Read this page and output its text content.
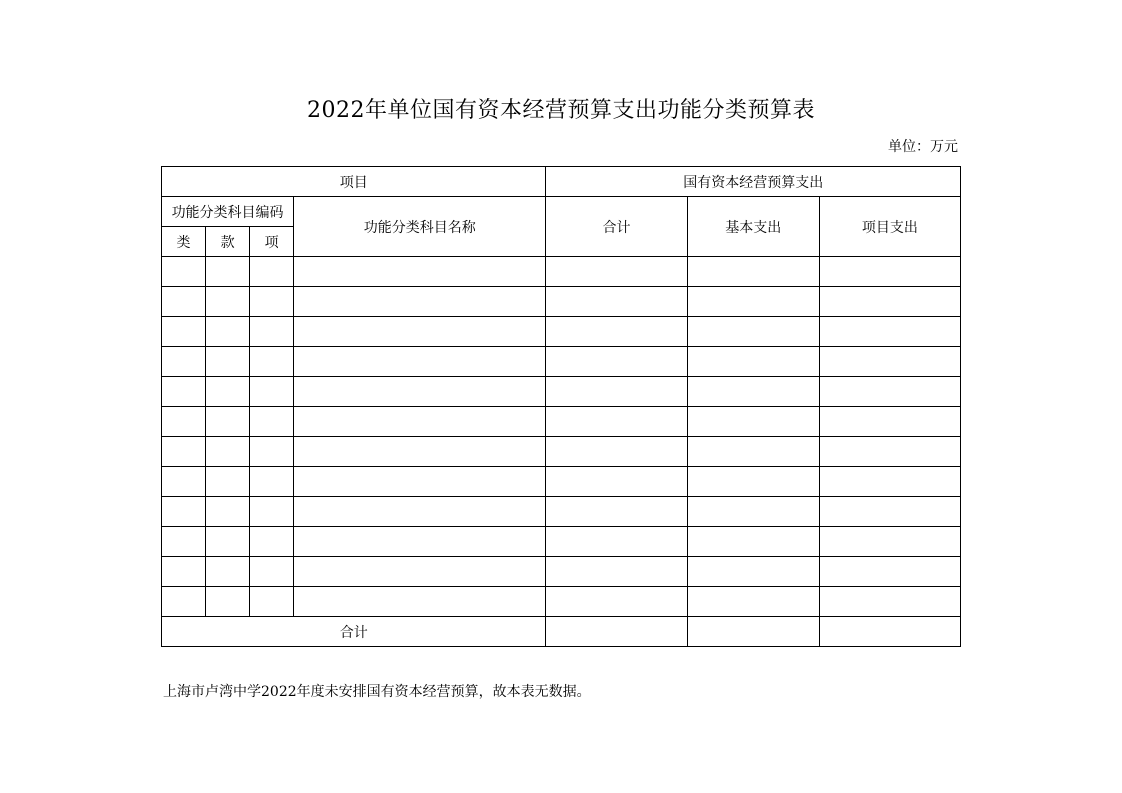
2022年单位国有资本经营预算支出功能分类预算表
单位：万元
项目				国有资本经营预算支出		
功能分类科目编码			功能分类科目名称	合计	基本支出	项目支出
类	款	项				

合计						
上海市卢湾中学2022年度未安排国有资本经营预算，故本表无数据。
